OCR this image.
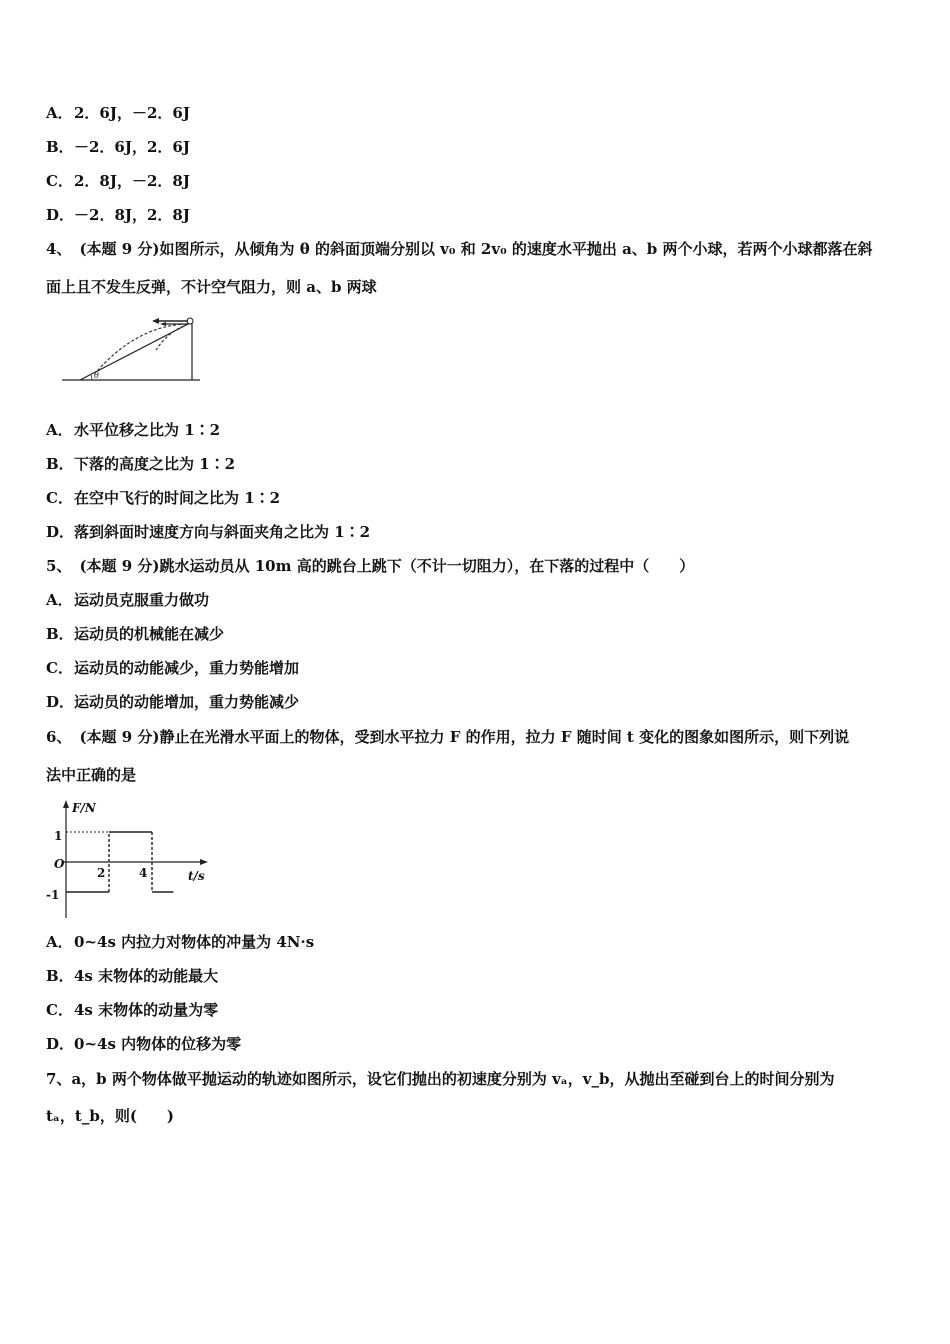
A．2．6J，－2．6J
B．－2．6J，2．6J
C．2．8J，－2．8J
D．－2．8J，2．8J
4、 (本题 9 分)如图所示，从倾角为 θ 的斜面顶端分别以 v₀ 和 2v₀ 的速度水平抛出 a、b 两个小球，若两个小球都落在斜
面上且不发生反弹，不计空气阻力，则 a、b 两球
θ
A．水平位移之比为 1∶2
B．下落的高度之比为 1∶2
C．在空中飞行的时间之比为 1∶2
D．落到斜面时速度方向与斜面夹角之比为 1∶2
5、 (本题 9 分)跳水运动员从 10m 高的跳台上跳下（不计一切阻力），在下落的过程中（　　）
A．运动员克服重力做功
B．运动员的机械能在减少
C．运动员的动能减少，重力势能增加
D．运动员的动能增加，重力势能减少
6、 (本题 9 分)静止在光滑水平面上的物体，受到水平拉力 F 的作用，拉力 F 随时间 t 变化的图象如图所示，则下列说
法中正确的是
F/N
t/s
O
1
-1
2	4
A．0~4s 内拉力对物体的冲量为 4N·s
B．4s 末物体的动能最大
C．4s 末物体的动量为零
D．0~4s 内物体的位移为零
7、a，b 两个物体做平抛运动的轨迹如图所示，设它们抛出的初速度分别为 vₐ，v_b，从抛出至碰到台上的时间分别为
tₐ，t_b，则(　　)
